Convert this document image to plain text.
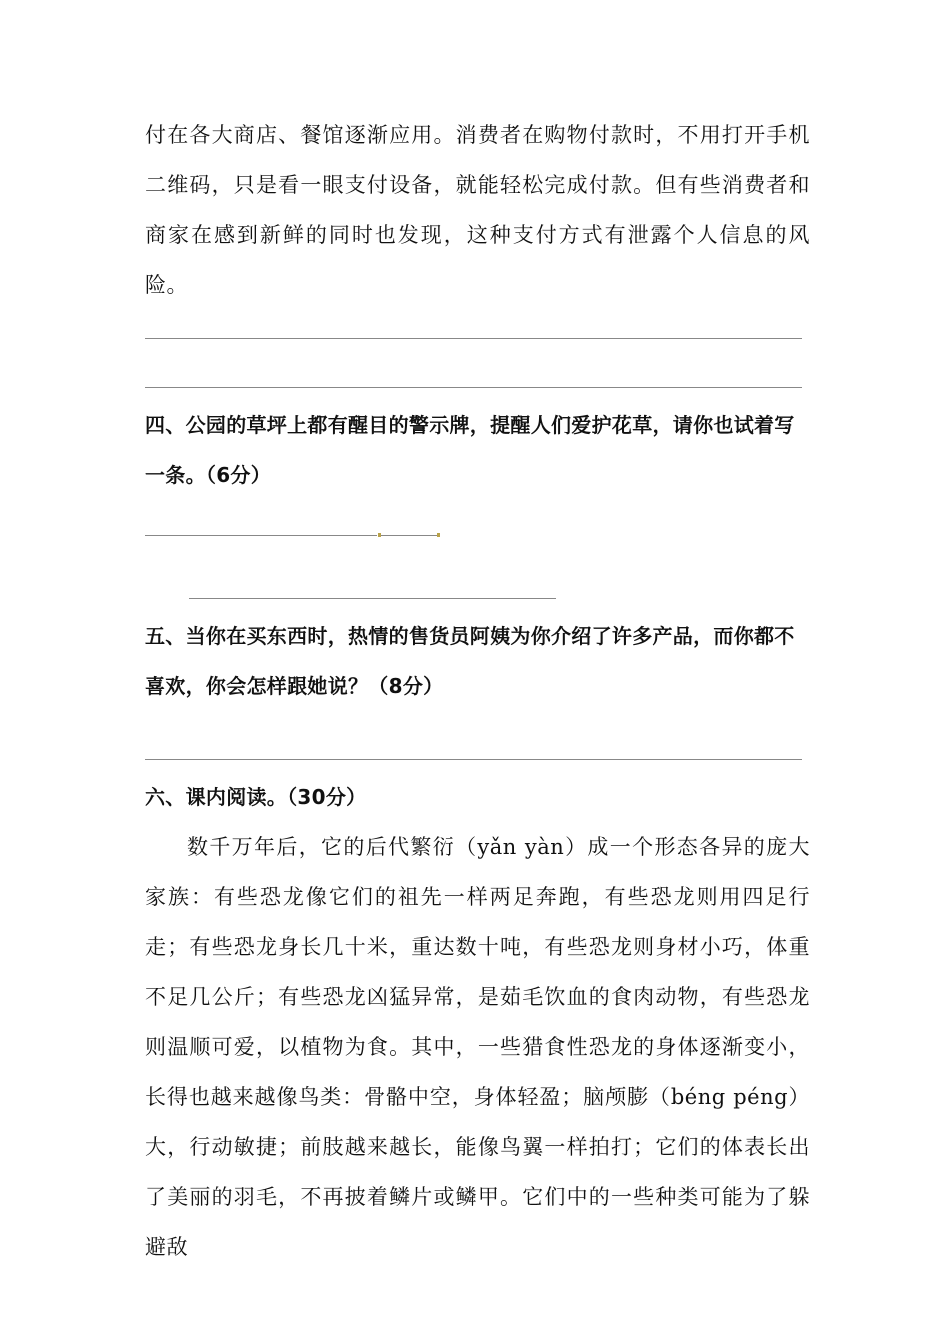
付在各大商店、餐馆逐渐应用。消费者在购物付款时，不用打开手机二维码，只是看一眼支付设备，就能轻松完成付款。但有些消费者和商家在感到新鲜的同时也发现，这种支付方式有泄露个人信息的风险。

四、公园的草坪上都有醒目的警示牌，提醒人们爱护花草，请你也试着写一条。（6分）

五、当你在买东西时，热情的售货员阿姨为你介绍了许多产品，而你都不喜欢，你会怎样跟她说？（8分）

六、课内阅读。（30分）

数千万年后，它的后代繁衍（yǎn yàn）成一个形态各异的庞大家族：有些恐龙像它们的祖先一样两足奔跑，有些恐龙则用四足行走；有些恐龙身长几十米，重达数十吨，有些恐龙则身材小巧，体重不足几公斤；有些恐龙凶猛异常，是茹毛饮血的食肉动物，有些恐龙则温顺可爱，以植物为食。其中，一些猎食性恐龙的身体逐渐变小，长得也越来越像鸟类：骨骼中空，身体轻盈；脑颅膨（béng péng）大，行动敏捷；前肢越来越长，能像鸟翼一样拍打；它们的体表长出了美丽的羽毛，不再披着鳞片或鳞甲。它们中的一些种类可能为了躲避敌
